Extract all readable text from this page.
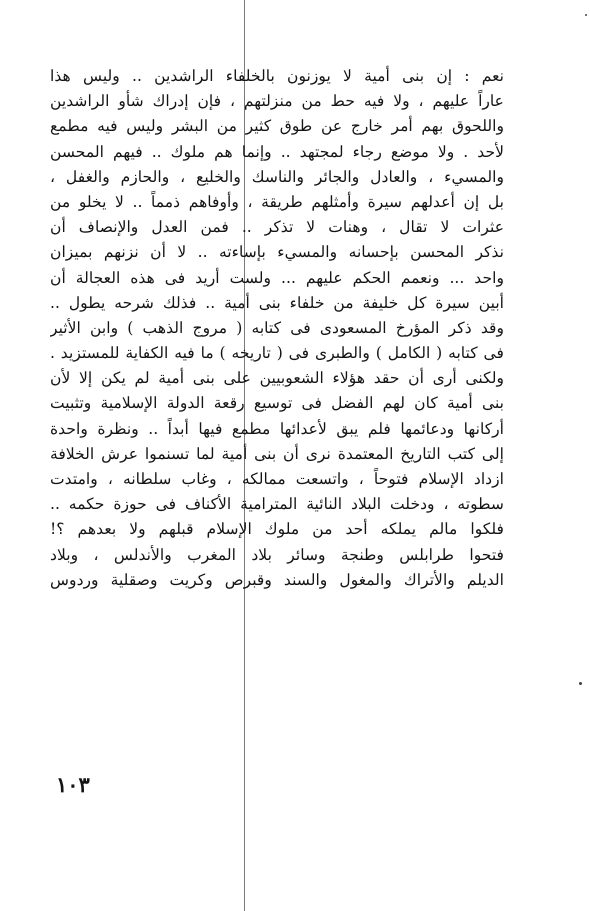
نعم : إن بنى أمية لا يوزنون بالخلفاء الراشدين .. وليس هذا
عاراً عليهم ، ولا فيه حط من منزلتهم ، فإن إدراك شأو الراشدين
واللحوق بهم أمر خارج عن طوق كثير من البشر وليس فيه مطمع
لأحد . ولا موضع رجاء لمجتهد .. وإنما هم ملوك .. فيهم المحسن
والمسيء ، والعادل والجائر والناسك والخليع ، والحازم والغفل ،
بل إن أعدلهم سيرة وأمثلهم طريقة ، وأوفاهم ذمماً .. لا يخلو من
عثرات لا تقال ، وهنات لا تذكر .. فمن العدل والإنصاف أن
نذكر المحسن بإحسانه والمسيء بإساءته .. لا أن نزنهم بميزان
واحد ... ونعمم الحكم عليهم ... ولست أريد فى هذه العجالة أن
أبين سيرة كل خليفة من خلفاء بنى أمية .. فذلك شرحه يطول ..
وقد ذكر المؤرخ المسعودى فى كتابه ( مروج الذهب ) وابن الأثير
فى كتابه ( الكامل ) والطبرى فى ( تاريخه ) ما فيه الكفاية للمستزيد .
ولكنى أرى أن حقد هؤلاء الشعوبيين على بنى أمية لم يكن إلا لأن
بنى أمية كان لهم الفضل فى توسيع رقعة الدولة الإسلامية وتثبيت
أركانها ودعائمها فلم يبق لأعدائها مطمع فيها أبداً .. ونظرة واحدة
إلى كتب التاريخ المعتمدة نرى أن بنى أمية لما تسنموا عرش الخلافة
ازداد الإسلام فتوحاً ، واتسعت ممالكه ، وغاب سلطانه ، وامتدت
سطوته ، ودخلت البلاد النائية المترامية الأكناف فى حوزة حكمه ..
فلكوا مالم يملكه أحد من ملوك الإسلام قبلهم ولا بعدهم ؟!
فتحوا طرابلس وطنجة وسائر بلاد المغرب والأندلس ، وبلاد
الديلم والأتراك والمغول والسند وقبرص وكريت وصقلية وردوس
١٠٣
